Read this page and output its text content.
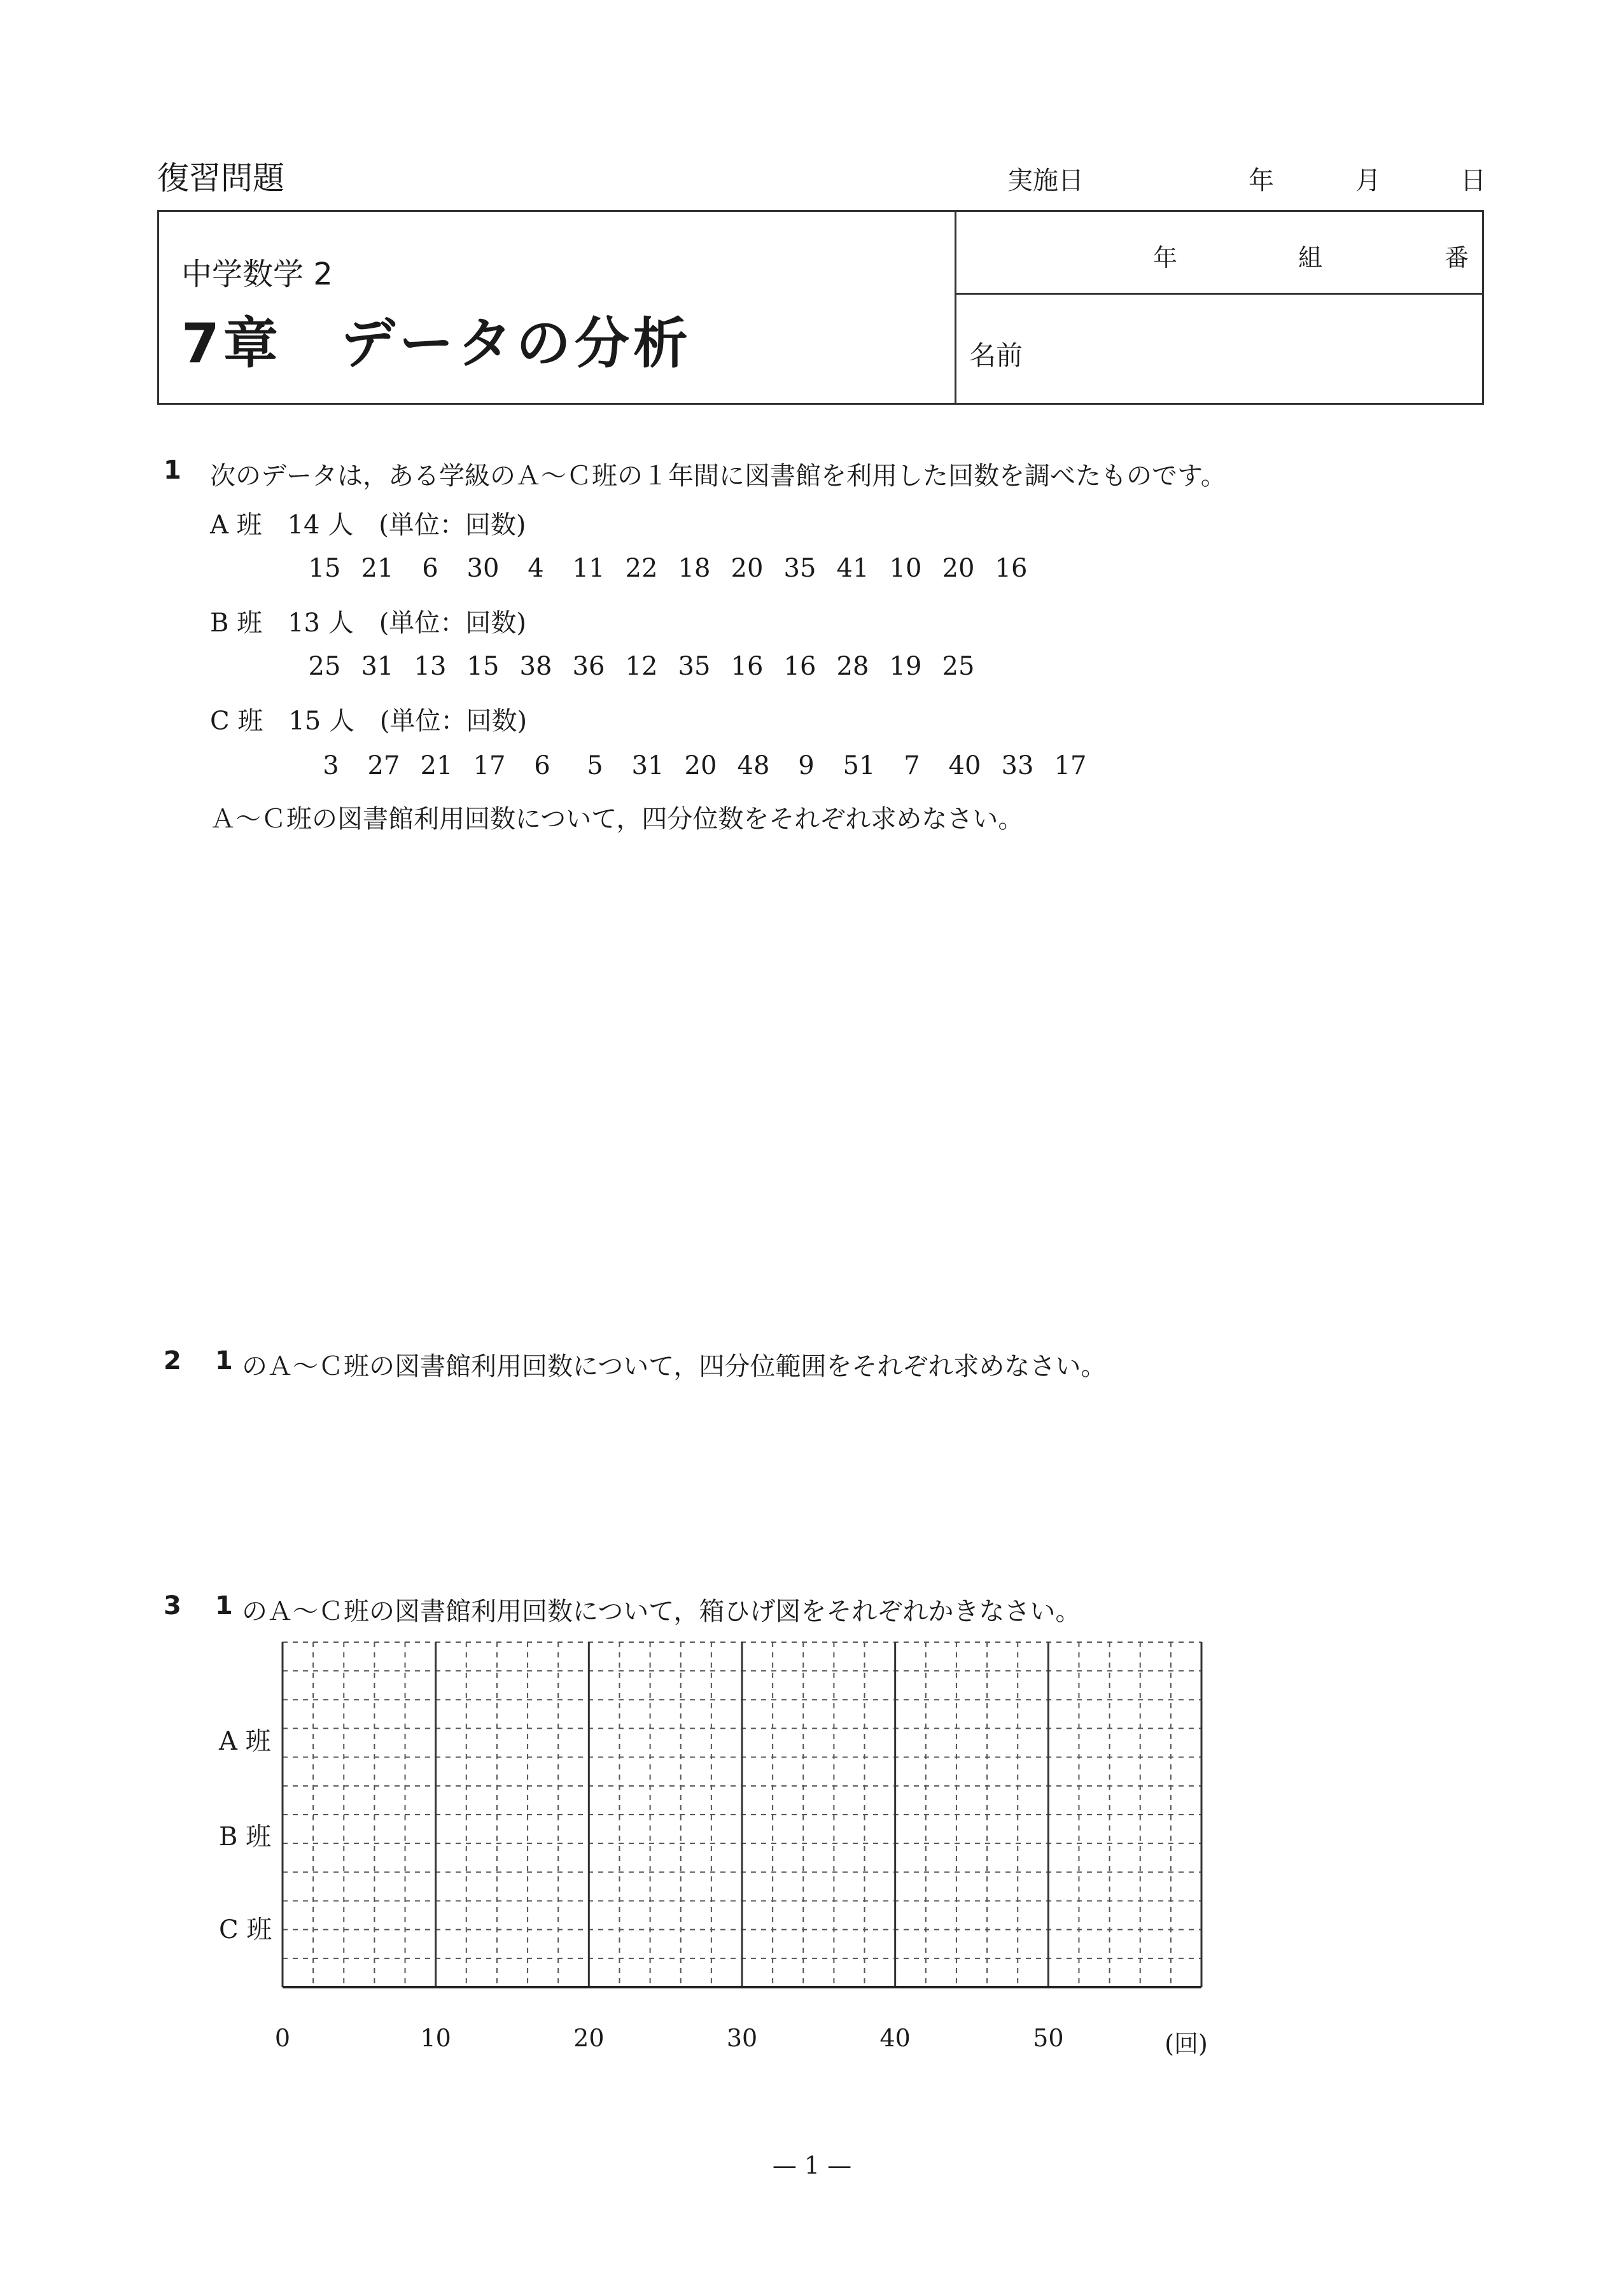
復習問題	実施日	年	月	日
中学数学 2
7章　データの分析
年	組	番
名前
1 次のデータは，ある学級のＡ～Ｃ班の１年間に図書館を利用した回数を調べたものです。
A 班　14 人　(単位：回数)
15 21	6	30	4	11 22 18 20 35 41 10 20 16
B 班　13 人　(単位：回数)
25 31 13 15 38 36 12 35 16 16 28 19 25
C 班　15 人　(単位：回数)
3	27 21 17	6	5	31 20 48	9	51	7	40 33 17
Ａ～Ｃ班の図書館利用回数について，四分位数をそれぞれ求めなさい。
2 1 のＡ～Ｃ班の図書館利用回数について，四分位範囲をそれぞれ求めなさい。
3 1 のＡ～Ｃ班の図書館利用回数について，箱ひげ図をそれぞれかきなさい。
A 班
B 班
C 班
0	10	20	30	40	50	(回)
— 1 —
